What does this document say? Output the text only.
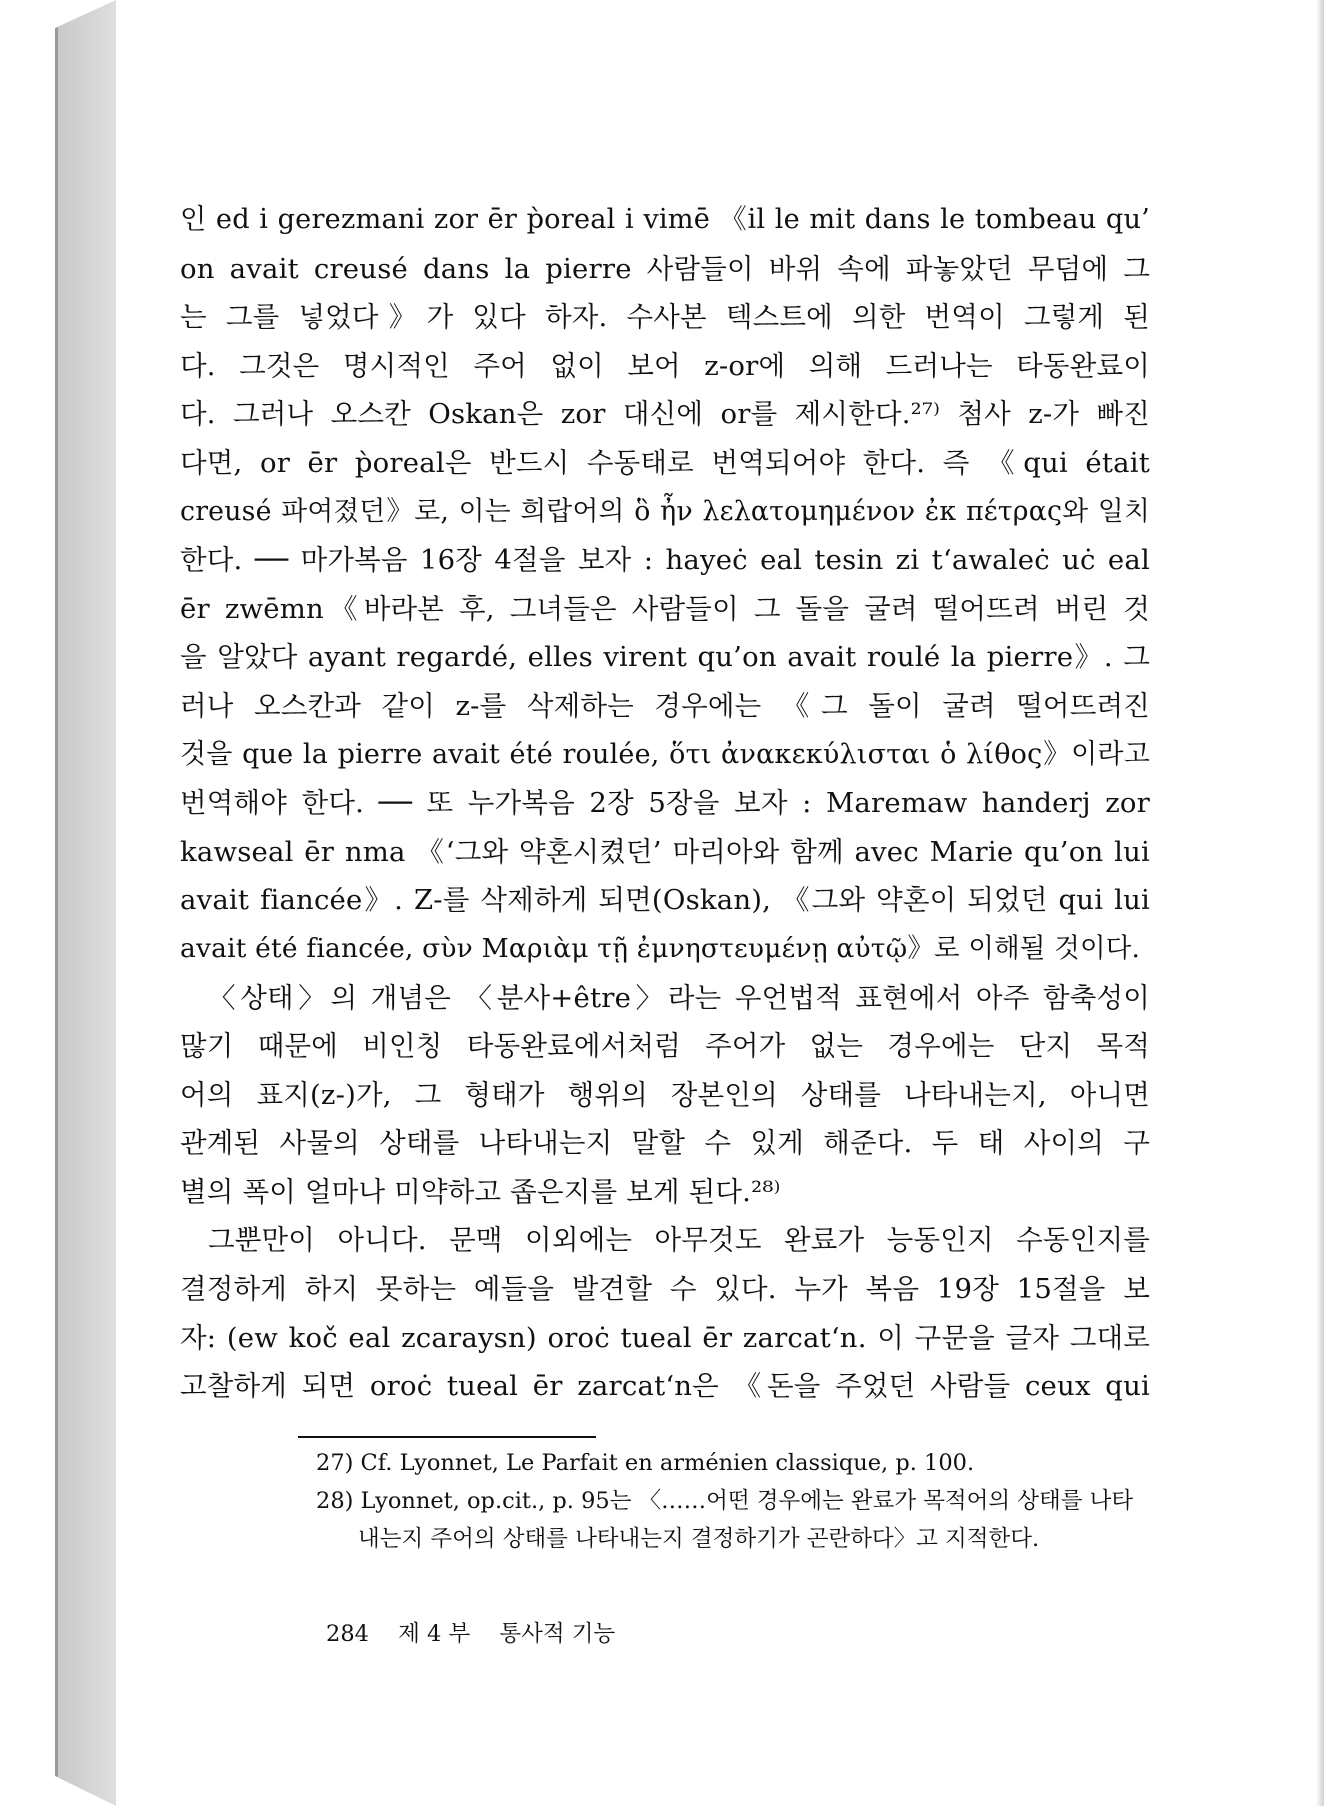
인 ed i gerezmani zor ēr p̀oreal i vimē 《il le mit dans le tombeau qu’
on avait creusé dans la pierre 사람들이 바위 속에 파놓았던 무덤에 그
는 그를 넣었다》가 있다 하자. 수사본 텍스트에 의한 번역이 그렇게 된
다. 그것은 명시적인 주어 없이 보어 z-or에 의해 드러나는 타동완료이
다. 그러나 오스칸 Oskan은 zor 대신에 or를 제시한다.²⁷⁾ 첨사 z-가 빠진
다면, or ēr p̀oreal은 반드시 수동태로 번역되어야 한다. 즉 《qui était
creusé 파여졌던》로, 이는 희랍어의 ὃ ἦν λελατομημένον ἐκ πέτρας와 일치
한다. ── 마가복음 16장 4절을 보자 : hayeċ eal tesin zi t‘awaleċ uċ eal
ēr zwēmn《바라본 후, 그녀들은 사람들이 그 돌을 굴려 떨어뜨려 버린 것
을 알았다 ayant regardé, elles virent qu’on avait roulé la pierre》. 그
러나 오스칸과 같이 z-를 삭제하는 경우에는 《그 돌이 굴려 떨어뜨려진
것을 que la pierre avait été roulée, ὅτι ἀνακεκύλισται ὁ λίθος》이라고
번역해야 한다. ── 또 누가복음 2장 5장을 보자 : Maremaw handerj zor
kawseal ēr nma 《‘그와 약혼시켰던’ 마리아와 함께 avec Marie qu’on lui
avait fiancée》. Z-를 삭제하게 되면(Oskan), 《그와 약혼이 되었던 qui lui
avait été fiancée, σὺν Μαριὰμ τῇ ἐμνηστευμένῃ αὐτῷ》로 이해될 것이다.
〈상태〉의 개념은 〈분사+être〉라는 우언법적 표현에서 아주 함축성이
많기 때문에 비인칭 타동완료에서처럼 주어가 없는 경우에는 단지 목적
어의 표지(z-)가, 그 형태가 행위의 장본인의 상태를 나타내는지, 아니면
관계된 사물의 상태를 나타내는지 말할 수 있게 해준다. 두 태 사이의 구
별의 폭이 얼마나 미약하고 좁은지를 보게 된다.²⁸⁾
그뿐만이 아니다. 문맥 이외에는 아무것도 완료가 능동인지 수동인지를
결정하게 하지 못하는 예들을 발견할 수 있다. 누가 복음 19장 15절을 보
자: (ew koč eal zcaraysn) oroċ tueal ēr zarcat‘n. 이 구문을 글자 그대로
고찰하게 되면 oroċ tueal ēr zarcat‘n은 《돈을 주었던 사람들 ceux qui
27) Cf. Lyonnet, Le Parfait en arménien classique, p. 100.
28) Lyonnet, op.cit., p. 95는 〈……어떤 경우에는 완료가 목적어의 상태를 나타
내는지 주어의 상태를 나타내는지 결정하기가 곤란하다〉고 지적한다.
284 제 4 부 통사적 기능
